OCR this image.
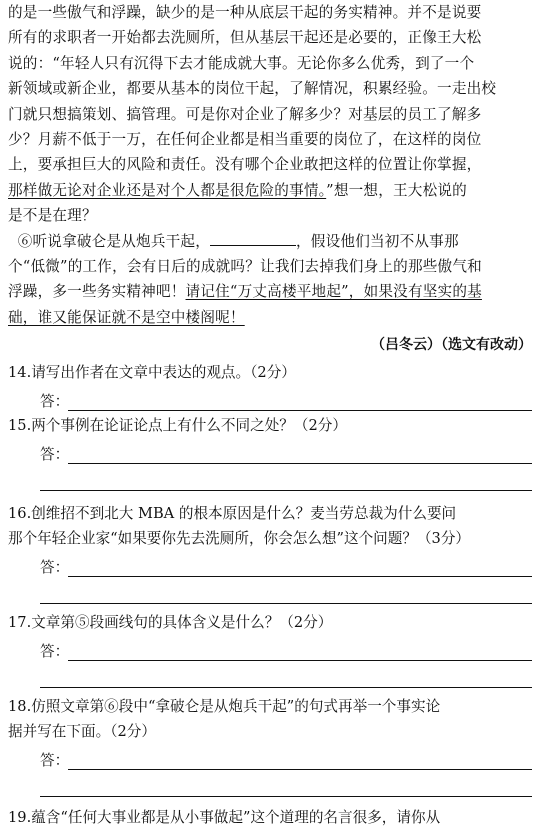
的是一些傲气和浮躁，缺少的是一种从底层干起的务实精神。并不是说要
所有的求职者一开始都去洗厕所，但从基层干起还是必要的，正像王大松
说的：“年轻人只有沉得下去才能成就大事。无论你多么优秀，到了一个
新领域或新企业，都要从基本的岗位干起，了解情况，积累经验。一走出校
门就只想搞策划、搞管理。可是你对企业了解多少？对基层的员工了解多
少？月薪不低于一万，在任何企业都是相当重要的岗位了，在这样的岗位
上，要承担巨大的风险和责任。没有哪个企业敢把这样的位置让你掌握，
那样做无论对企业还是对个人都是很危险的事情。”想一想，王大松说的
是不是在理？
⑥听说拿破仑是从炮兵干起，	，假设他们当初不从事那
个“低微”的工作，会有日后的成就吗？让我们去掉我们身上的那些傲气和
浮躁，多一些务实精神吧！请记住“万丈高楼平地起”，如果没有坚实的基
础，谁又能保证就不是空中楼阁呢！
（吕冬云）（选文有改动）
14.请写出作者在文章中表达的观点。（2分）
答：
15.两个事例在论证论点上有什么不同之处？（2分）
答：
16.创维招不到北大 MBA 的根本原因是什么？麦当劳总裁为什么要问
那个年轻企业家“如果要你先去洗厕所，你会怎么想”这个问题？（3分）
答：
17.文章第⑤段画线句的具体含义是什么？（2分）
答：
18.仿照文章第⑥段中“拿破仑是从炮兵干起”的句式再举一个事实论
据并写在下面。（2分）
答：
19.蕴含“任何大事业都是从小事做起”这个道理的名言很多，请你从
